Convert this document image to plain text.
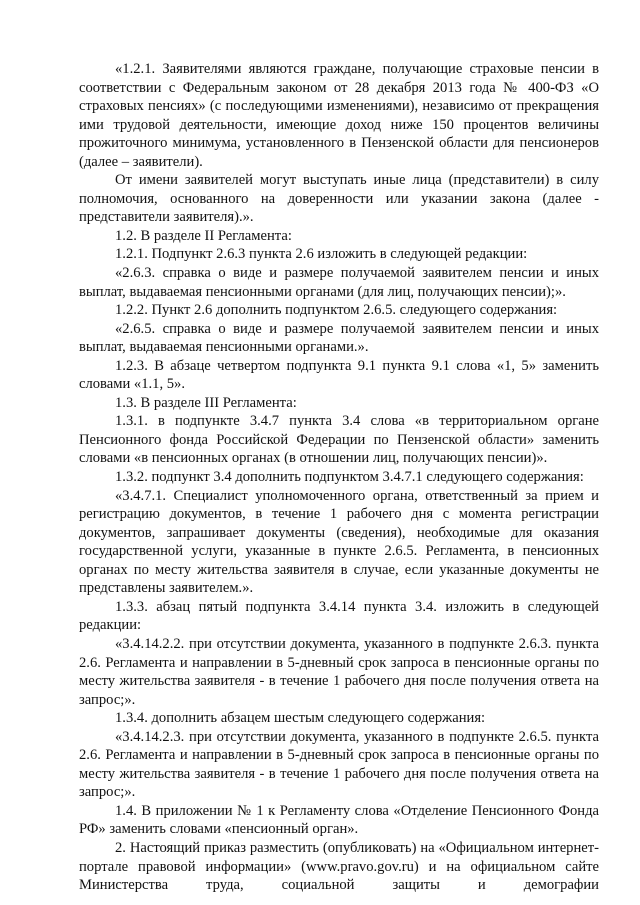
«1.2.1. Заявителями являются граждане, получающие страховые пенсии в соответствии с Федеральным законом от 28 декабря 2013 года № 400-ФЗ «О страховых пенсиях» (с последующими изменениями), независимо от прекращения ими трудовой деятельности, имеющие доход ниже 150 процентов величины прожиточного минимума, установленного в Пензенской области для пенсионеров (далее – заявители).

От имени заявителей могут выступать иные лица (представители) в силу полномочия, основанного на доверенности или указании закона (далее - представители заявителя).».

1.2. В разделе II Регламента:

1.2.1. Подпункт 2.6.3 пункта 2.6 изложить в следующей редакции:

«2.6.3. справка о виде и размере получаемой заявителем пенсии и иных выплат, выдаваемая пенсионными органами (для лиц, получающих пенсии);».

1.2.2. Пункт 2.6 дополнить подпунктом 2.6.5. следующего содержания:

«2.6.5. справка о виде и размере получаемой заявителем пенсии и иных выплат, выдаваемая пенсионными органами.».

1.2.3. В абзаце четвертом подпункта 9.1 пункта 9.1 слова «1, 5» заменить словами «1.1, 5».

1.3. В разделе III Регламента:

1.3.1. в подпункте 3.4.7 пункта 3.4 слова «в территориальном органе Пенсионного фонда Российской Федерации по Пензенской области» заменить словами «в пенсионных органах (в отношении лиц, получающих пенсии)».

1.3.2. подпункт 3.4 дополнить подпунктом 3.4.7.1 следующего содержания:

«3.4.7.1. Специалист уполномоченного органа, ответственный за прием и регистрацию документов, в течение 1 рабочего дня с момента регистрации документов, запрашивает документы (сведения), необходимые для оказания государственной услуги, указанные в пункте 2.6.5. Регламента, в пенсионных органах по месту жительства заявителя в случае, если указанные документы не представлены заявителем.».

1.3.3. абзац пятый подпункта 3.4.14 пункта 3.4. изложить в следующей редакции:

«3.4.14.2.2. при отсутствии документа, указанного в подпункте 2.6.3. пункта 2.6. Регламента и направлении в 5-дневный срок запроса в пенсионные органы по месту жительства заявителя - в течение 1 рабочего дня после получения ответа на запрос;».

1.3.4. дополнить абзацем шестым следующего содержания:

«3.4.14.2.3. при отсутствии документа, указанного в подпункте 2.6.5. пункта 2.6. Регламента и направлении в 5-дневный срок запроса в пенсионные органы по месту жительства заявителя - в течение 1 рабочего дня после получения ответа на запрос;».

1.4. В приложении № 1 к Регламенту слова «Отделение Пенсионного Фонда РФ» заменить словами «пенсионный орган».

2. Настоящий приказ разместить (опубликовать) на «Официальном интернет-портале правовой информации» (www.pravo.gov.ru) и на официальном сайте Министерства труда, социальной защиты и демографии
